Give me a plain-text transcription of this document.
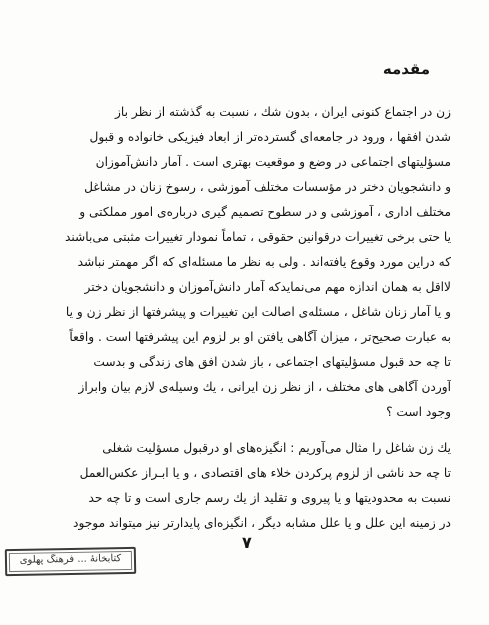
مقدمه
زن در اجتماع کنونی ایران ، بدون شك ، نسبت به گذشته از نظر باز
شدن افقها ، ورود در جامعه‌ای گسترده‌تر از ابعاد فیزیکی خانواده و قبول
مسؤلیتهای اجتماعی در وضع و موقعیت بهتری است . آمار دانش‌آموزان
و دانشجویان دختر در مؤسسات مختلف آموزشی ، رسوخ زنان در مشاغل
مختلف اداری ، آموزشی و در سطوح تصمیم گیری درباره‌ی امور مملکتی و
یا حتی برخی تغییرات درقوانین حقوقی ، تماماً نمودار تغییرات مثبتی می‌باشند
که دراین مورد وقوع یافته‌اند . ولی به نظر ما مسئله‌ای که اگر مهمتر نباشد
لااقل به همان اندازه مهم می‌نمایدکه آمار دانش‌آموزان و دانشجویان دختر
و یا آمار زنان شاغل ، مسئله‌ی اصالت این تغییرات و پیشرفتها از نظر زن و یا
به عبارت صحیح‌تر ، میزان آگاهی یافتن او بر لزوم این پیشرفتها است . واقعاً
تا چه حد قبول مسؤلیتهای اجتماعی ، باز شدن افق های زندگی و بدست
آوردن آگاهی های مختلف ، از نظر زن ایرانی ، یك وسیله‌ی لازم بیان وابراز
وجود است ؟
یك زن شاغل را مثال می‌آوریم : انگیزه‌های او درقبول مسؤلیت شغلی
تا چه حد ناشی از لزوم پرکردن خلاء های اقتصادی ، و یا ابـراز عکس‌العمل
نسبت به محدودیتها و یا پیروی و تقلید از یك رسم جاری است و تا چه حد
در زمینه این علل و یا علل مشابه دیگر ، انگیزه‌ای پایدارتر نیز میتواند موجود
کتابخانهٔ ... فرهنگ پهلوی
۷
